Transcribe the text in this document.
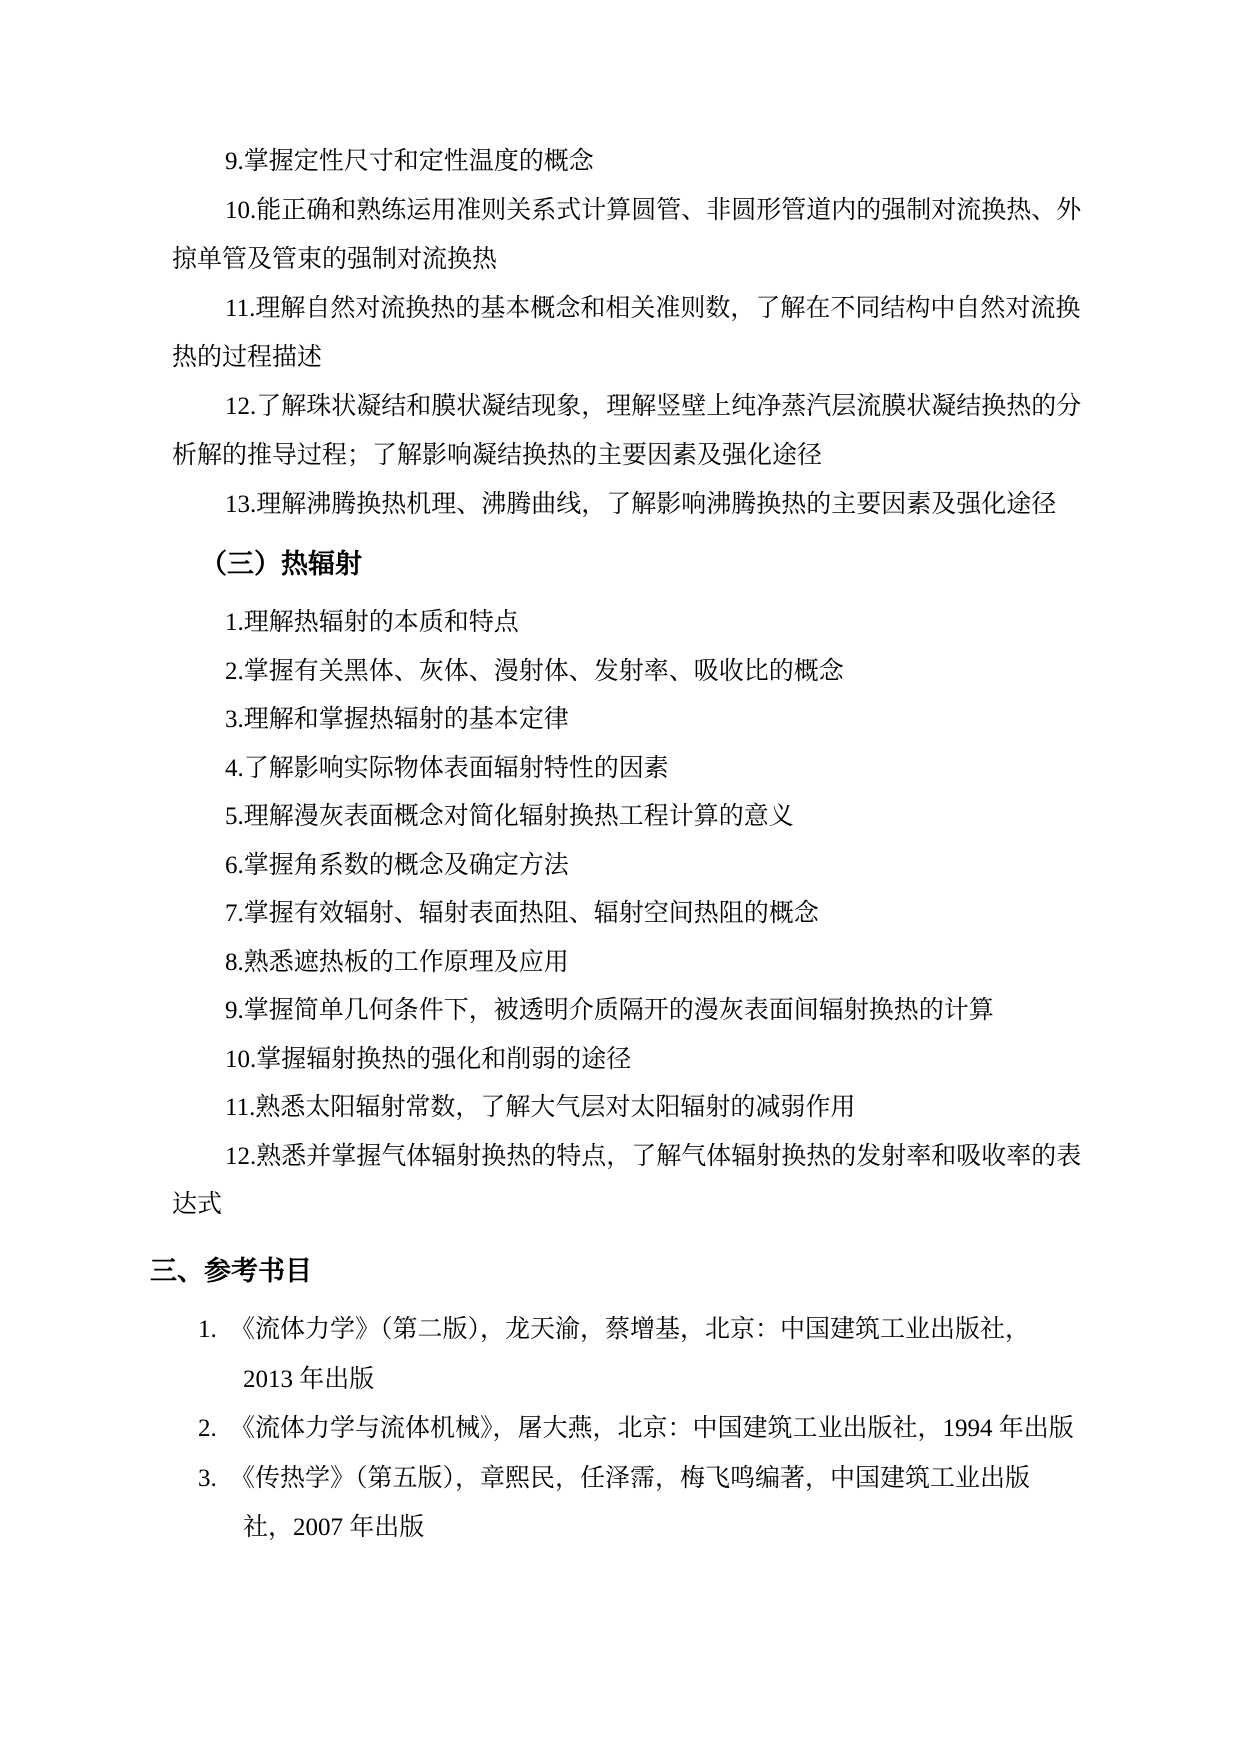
9.掌握定性尺寸和定性温度的概念
10.能正确和熟练运用准则关系式计算圆管、非圆形管道内的强制对流换热、外
掠单管及管束的强制对流换热
11.理解自然对流换热的基本概念和相关准则数，了解在不同结构中自然对流换
热的过程描述
12.了解珠状凝结和膜状凝结现象，理解竖壁上纯净蒸汽层流膜状凝结换热的分
析解的推导过程；了解影响凝结换热的主要因素及强化途径
13.理解沸腾换热机理、沸腾曲线，了解影响沸腾换热的主要因素及强化途径
（三）热辐射
1.理解热辐射的本质和特点
2.掌握有关黑体、灰体、漫射体、发射率、吸收比的概念
3.理解和掌握热辐射的基本定律
4.了解影响实际物体表面辐射特性的因素
5.理解漫灰表面概念对简化辐射换热工程计算的意义
6.掌握角系数的概念及确定方法
7.掌握有效辐射、辐射表面热阻、辐射空间热阻的概念
8.熟悉遮热板的工作原理及应用
9.掌握简单几何条件下，被透明介质隔开的漫灰表面间辐射换热的计算
10.掌握辐射换热的强化和削弱的途径
11.熟悉太阳辐射常数，了解大气层对太阳辐射的减弱作用
12.熟悉并掌握气体辐射换热的特点，了解气体辐射换热的发射率和吸收率的表
达式
三、参考书目
1. 《流体力学》（第二版），龙天渝，蔡增基，北京：中国建筑工业出版社，
2013 年出版
2. 《流体力学与流体机械》，屠大燕，北京：中国建筑工业出版社，1994 年出版
3. 《传热学》（第五版），章熙民，任泽霈，梅飞鸣编著，中国建筑工业出版
社，2007 年出版
